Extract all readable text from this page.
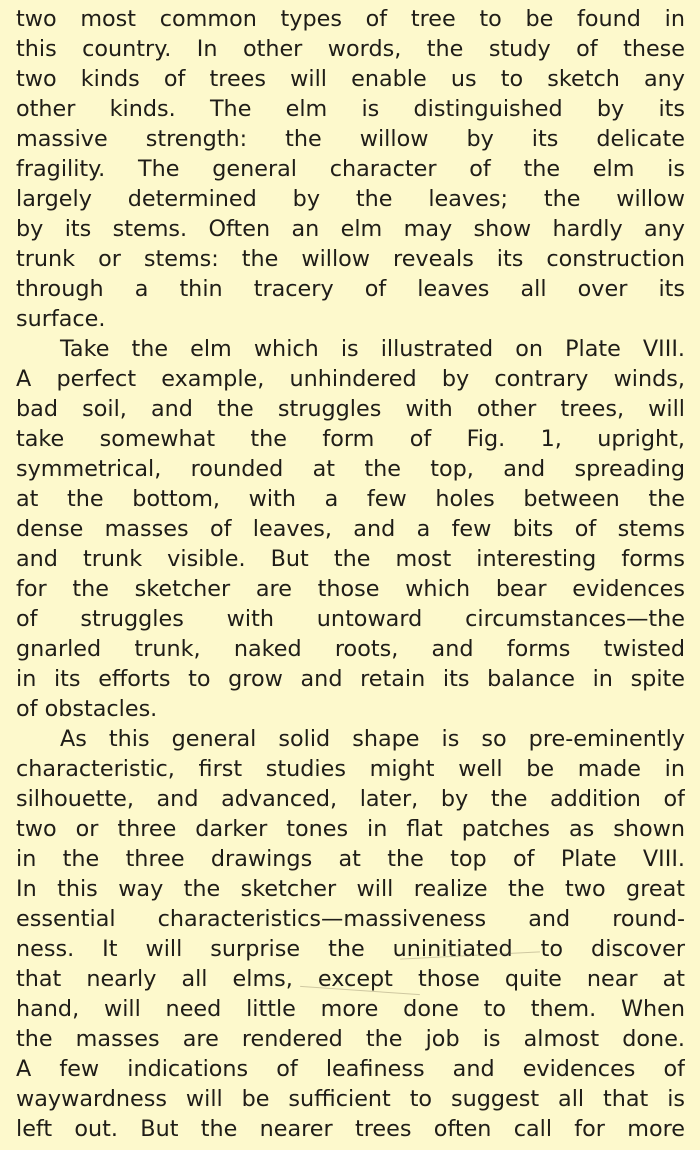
two most common types of tree to be found in
this country. In other words, the study of these
two kinds of trees will enable us to sketch any
other kinds. The elm is distinguished by its
massive strength: the willow by its delicate
fragility. The general character of the elm is
largely determined by the leaves; the willow
by its stems. Often an elm may show hardly any
trunk or stems: the willow reveals its construction
through a thin tracery of leaves all over its
surface.
Take the elm which is illustrated on Plate VIII.
A perfect example, unhindered by contrary winds,
bad soil, and the struggles with other trees, will
take somewhat the form of Fig. 1, upright,
symmetrical, rounded at the top, and spreading
at the bottom, with a few holes between the
dense masses of leaves, and a few bits of stems
and trunk visible. But the most interesting forms
for the sketcher are those which bear evidences
of struggles with untoward circumstances—the
gnarled trunk, naked roots, and forms twisted
in its efforts to grow and retain its balance in spite
of obstacles.
As this general solid shape is so pre-eminently
characteristic, first studies might well be made in
silhouette, and advanced, later, by the addition of
two or three darker tones in flat patches as shown
in the three drawings at the top of Plate VIII.
In this way the sketcher will realize the two great
essential characteristics—massiveness and round-
ness. It will surprise the uninitiated to discover
that nearly all elms, except those quite near at
hand, will need little more done to them. When
the masses are rendered the job is almost done.
A few indications of leafiness and evidences of
waywardness will be sufficient to suggest all that is
left out. But the nearer trees often call for more
